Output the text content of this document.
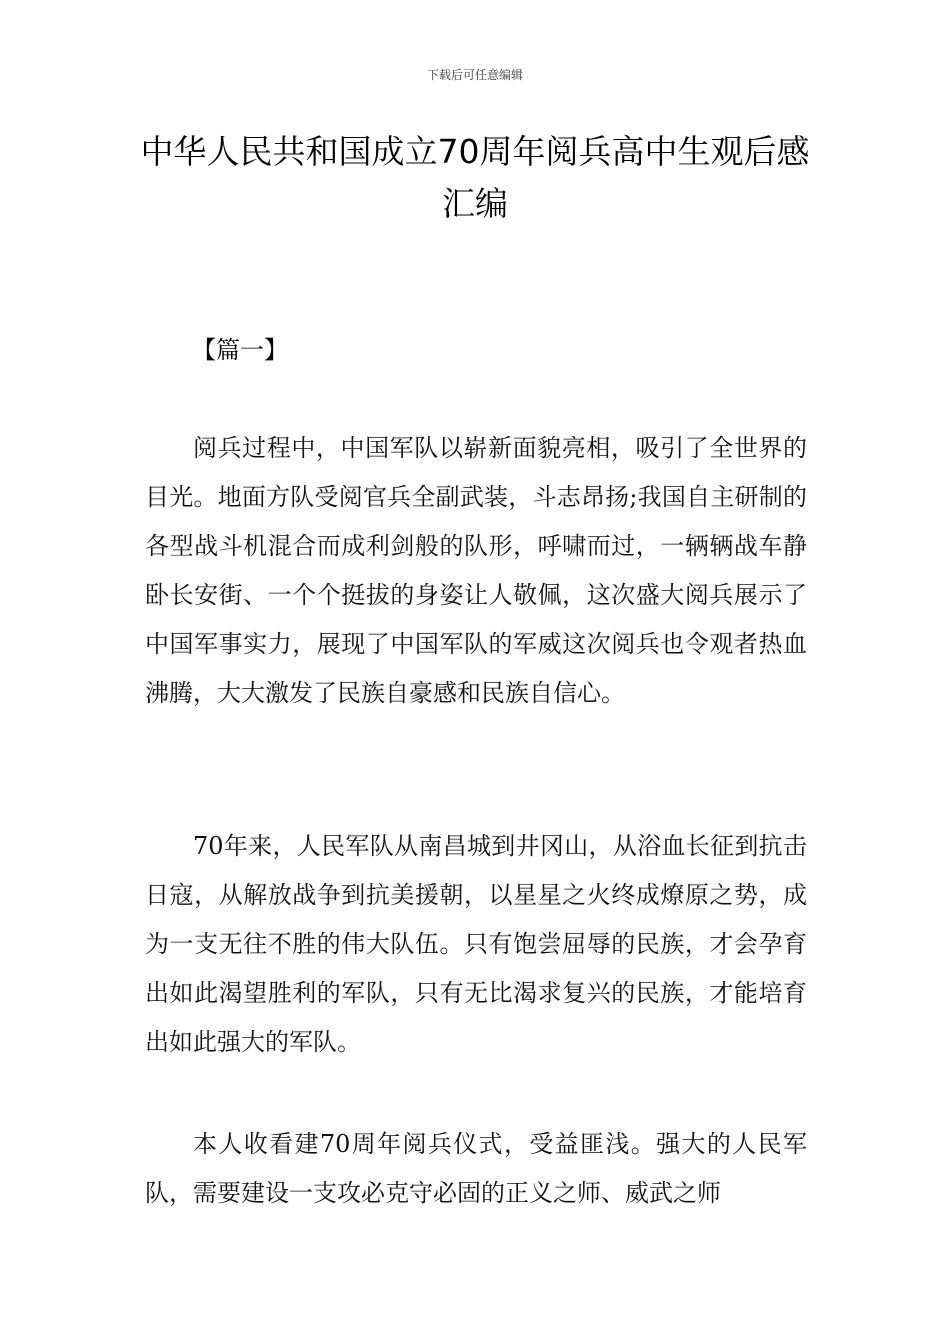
下载后可任意编辑
中华人民共和国成立70周年阅兵高中生观后感汇编
【篇一】

阅兵过程中，中国军队以崭新面貌亮相，吸引了全世界的目光。地面方队受阅官兵全副武装，斗志昂扬;我国自主研制的各型战斗机混合而成利剑般的队形，呼啸而过，一辆辆战车静卧长安街、一个个挺拔的身姿让人敬佩，这次盛大阅兵展示了中国军事实力，展现了中国军队的军威这次阅兵也令观者热血沸腾，大大激发了民族自豪感和民族自信心。

70年来，人民军队从南昌城到井冈山，从浴血长征到抗击日寇，从解放战争到抗美援朝，以星星之火终成燎原之势，成为一支无往不胜的伟大队伍。只有饱尝屈辱的民族，才会孕育出如此渴望胜利的军队，只有无比渴求复兴的民族，才能培育出如此强大的军队。

本人收看建70周年阅兵仪式，受益匪浅。强大的人民军队，需要建设一支攻必克守必固的正义之师、威武之师
